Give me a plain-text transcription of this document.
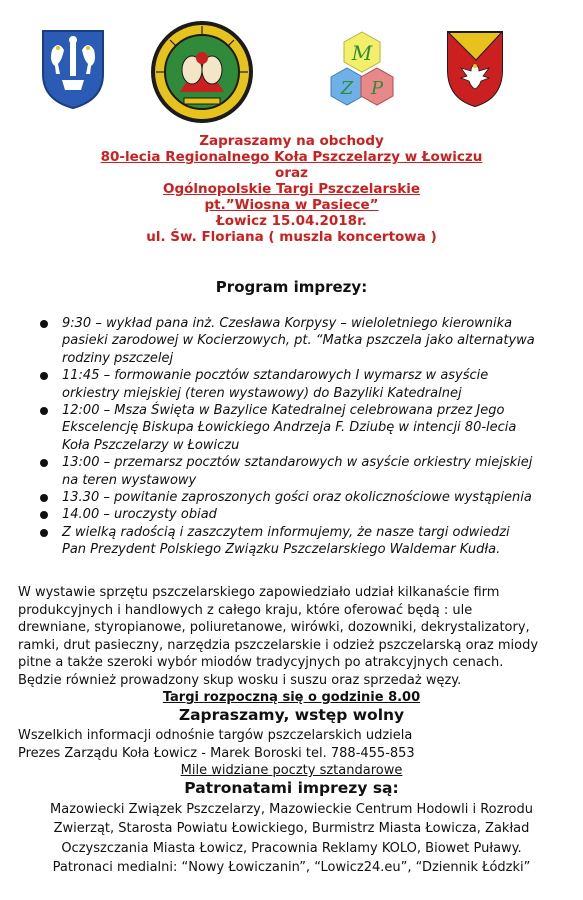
M
Z P
Zapraszamy na obchody
80-lecia Regionalnego Koła Pszczelarzy w Łowiczu
oraz
Ogólnopolskie Targi Pszczelarskie
pt.”Wiosna w Pasiece”
Łowicz 15.04.2018r.
ul. Św. Floriana ( muszla koncertowa )
Program imprezy:
9:30 – wykład pana inż. Czesława Korpysy – wieloletniego kierownika
pasieki zarodowej w Kocierzowych, pt. “Matka pszczela jako alternatywa
rodziny pszczelej
11:45 – formowanie pocztów sztandarowych I wymarsz w asyście
orkiestry miejskiej (teren wystawowy) do Bazyliki Katedralnej
12:00 – Msza Święta w Bazylice Katedralnej celebrowana przez Jego
Ekscelencję Biskupa Łowickiego Andrzeja F. Dziubę w intencji 80-lecia
Koła Pszczelarzy w Łowiczu
13:00 – przemarsz pocztów sztandarowych w asyście orkiestry miejskiej
na teren wystawowy
13.30 – powitanie zaproszonych gości oraz okolicznościowe wystąpienia
14.00 – uroczysty obiad
Z wielką radością i zaszczytem informujemy, że nasze targi odwiedzi
Pan Prezydent Polskiego Związku Pszczelarskiego Waldemar Kudła.
W wystawie sprzętu pszczelarskiego zapowiedziało udział kilkanaście firm
produkcyjnych i handlowych z całego kraju, które oferować będą : ule
drewniane, styropianowe, poliuretanowe, wirówki, dozowniki, dekrystalizatory,
ramki, drut pasieczny, narzędzia pszczelarskie i odzież pszczelarską oraz miody
pitne a także szeroki wybór miodów tradycyjnych po atrakcyjnych cenach.
Będzie również prowadzony skup wosku i suszu oraz sprzedaż węzy.
Targi rozpoczną się o godzinie 8.00
Zapraszamy, wstęp wolny
Wszelkich informacji odnośnie targów pszczelarskich udziela
Prezes Zarządu Koła Łowicz - Marek Boroski tel. 788-455-853
Mile widziane poczty sztandarowe
Patronatami imprezy są:
Mazowiecki Związek Pszczelarzy, Mazowieckie Centrum Hodowli i Rozrodu
Zwierząt, Starosta Powiatu Łowickiego, Burmistrz Miasta Łowicza, Zakład
Oczyszczania Miasta Łowicz, Pracownia Reklamy KOLO, Biowet Puławy.
Patronaci medialni: “Nowy Łowiczanin”, “Lowicz24.eu”, “Dziennik Łódzki”
